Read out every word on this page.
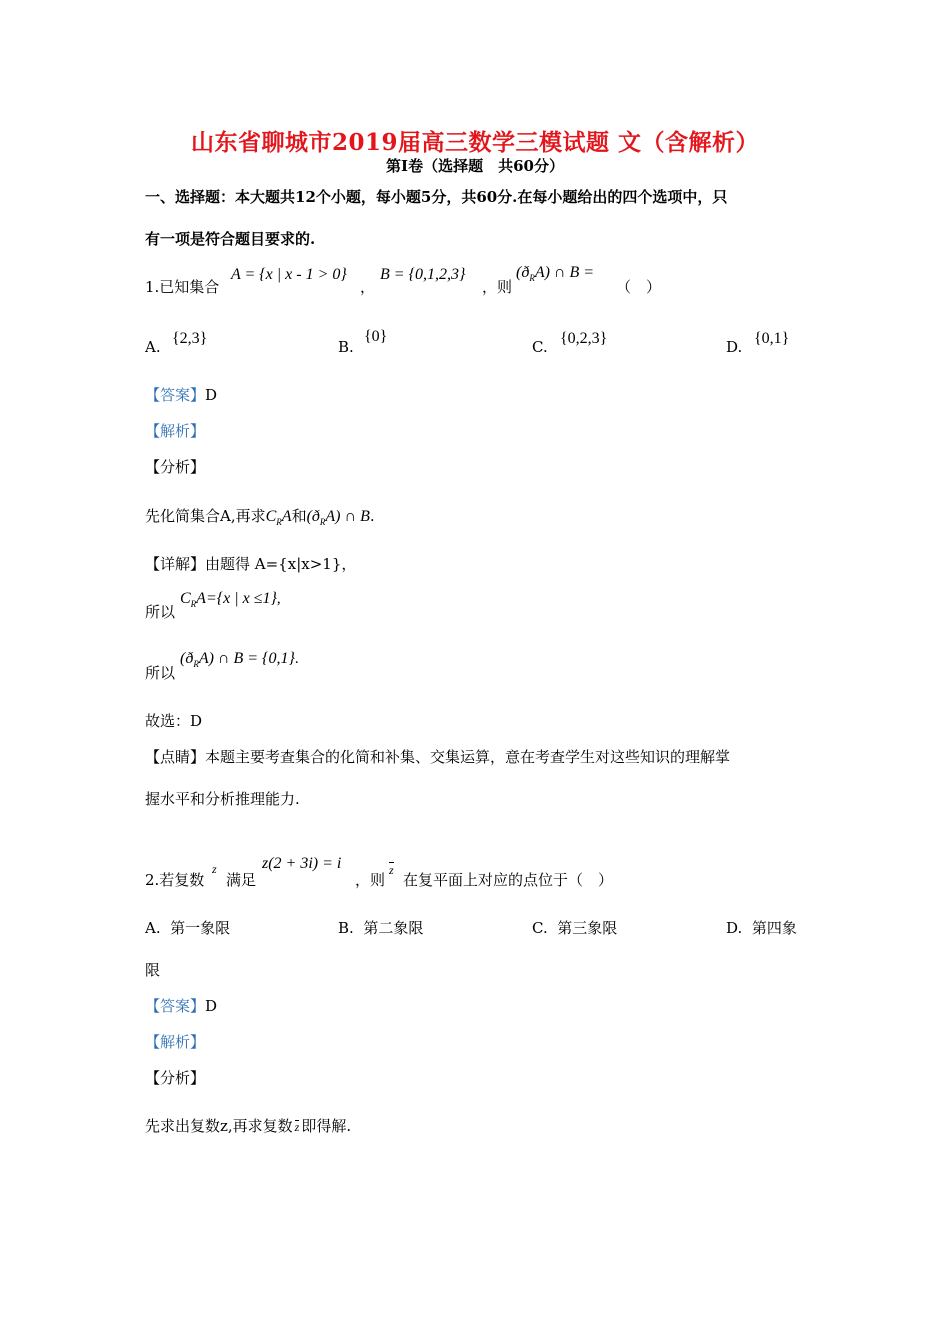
山东省聊城市2019届高三数学三模试题 文（含解析）
第Ⅰ卷（选择题　共60分）
一、选择题：本大题共12个小题，每小题5分，共60分.在每小题给出的四个选项中，只
有一项是符合题目要求的.
1.已知集合
A = {x | x - 1 > 0}
，
B = {0,1,2,3}
，则
$(ð_RA)$ ∩ B =
（　）
A. {2,3}	B.
{0}
C. {0,2,3}	D. {0,1}
【答案】D
【解析】
【分析】
先化简集合A,再求$C_RA$和$(ð_RA)$ ∩ B.
【详解】由题得 A={x|x>1}，
所以
$C_RA=\{x$ | x ≤1},
所以
$(ð_RA)$ ∩ B = {0,1}.
故选：D
【点睛】本题主要考查集合的化简和补集、交集运算，意在考查学生对这些知识的理解掌
握水平和分析推理能力.
2.若复数
z
满足
z(2 + 3i) = i
，则
z
在复平面上对应的点位于（　）
A. 第一象限	B. 第二象限	C. 第三象限	D. 第四象
限
【答案】D
【解析】
【分析】
先求出复数z,再求复数 z 即得解.
